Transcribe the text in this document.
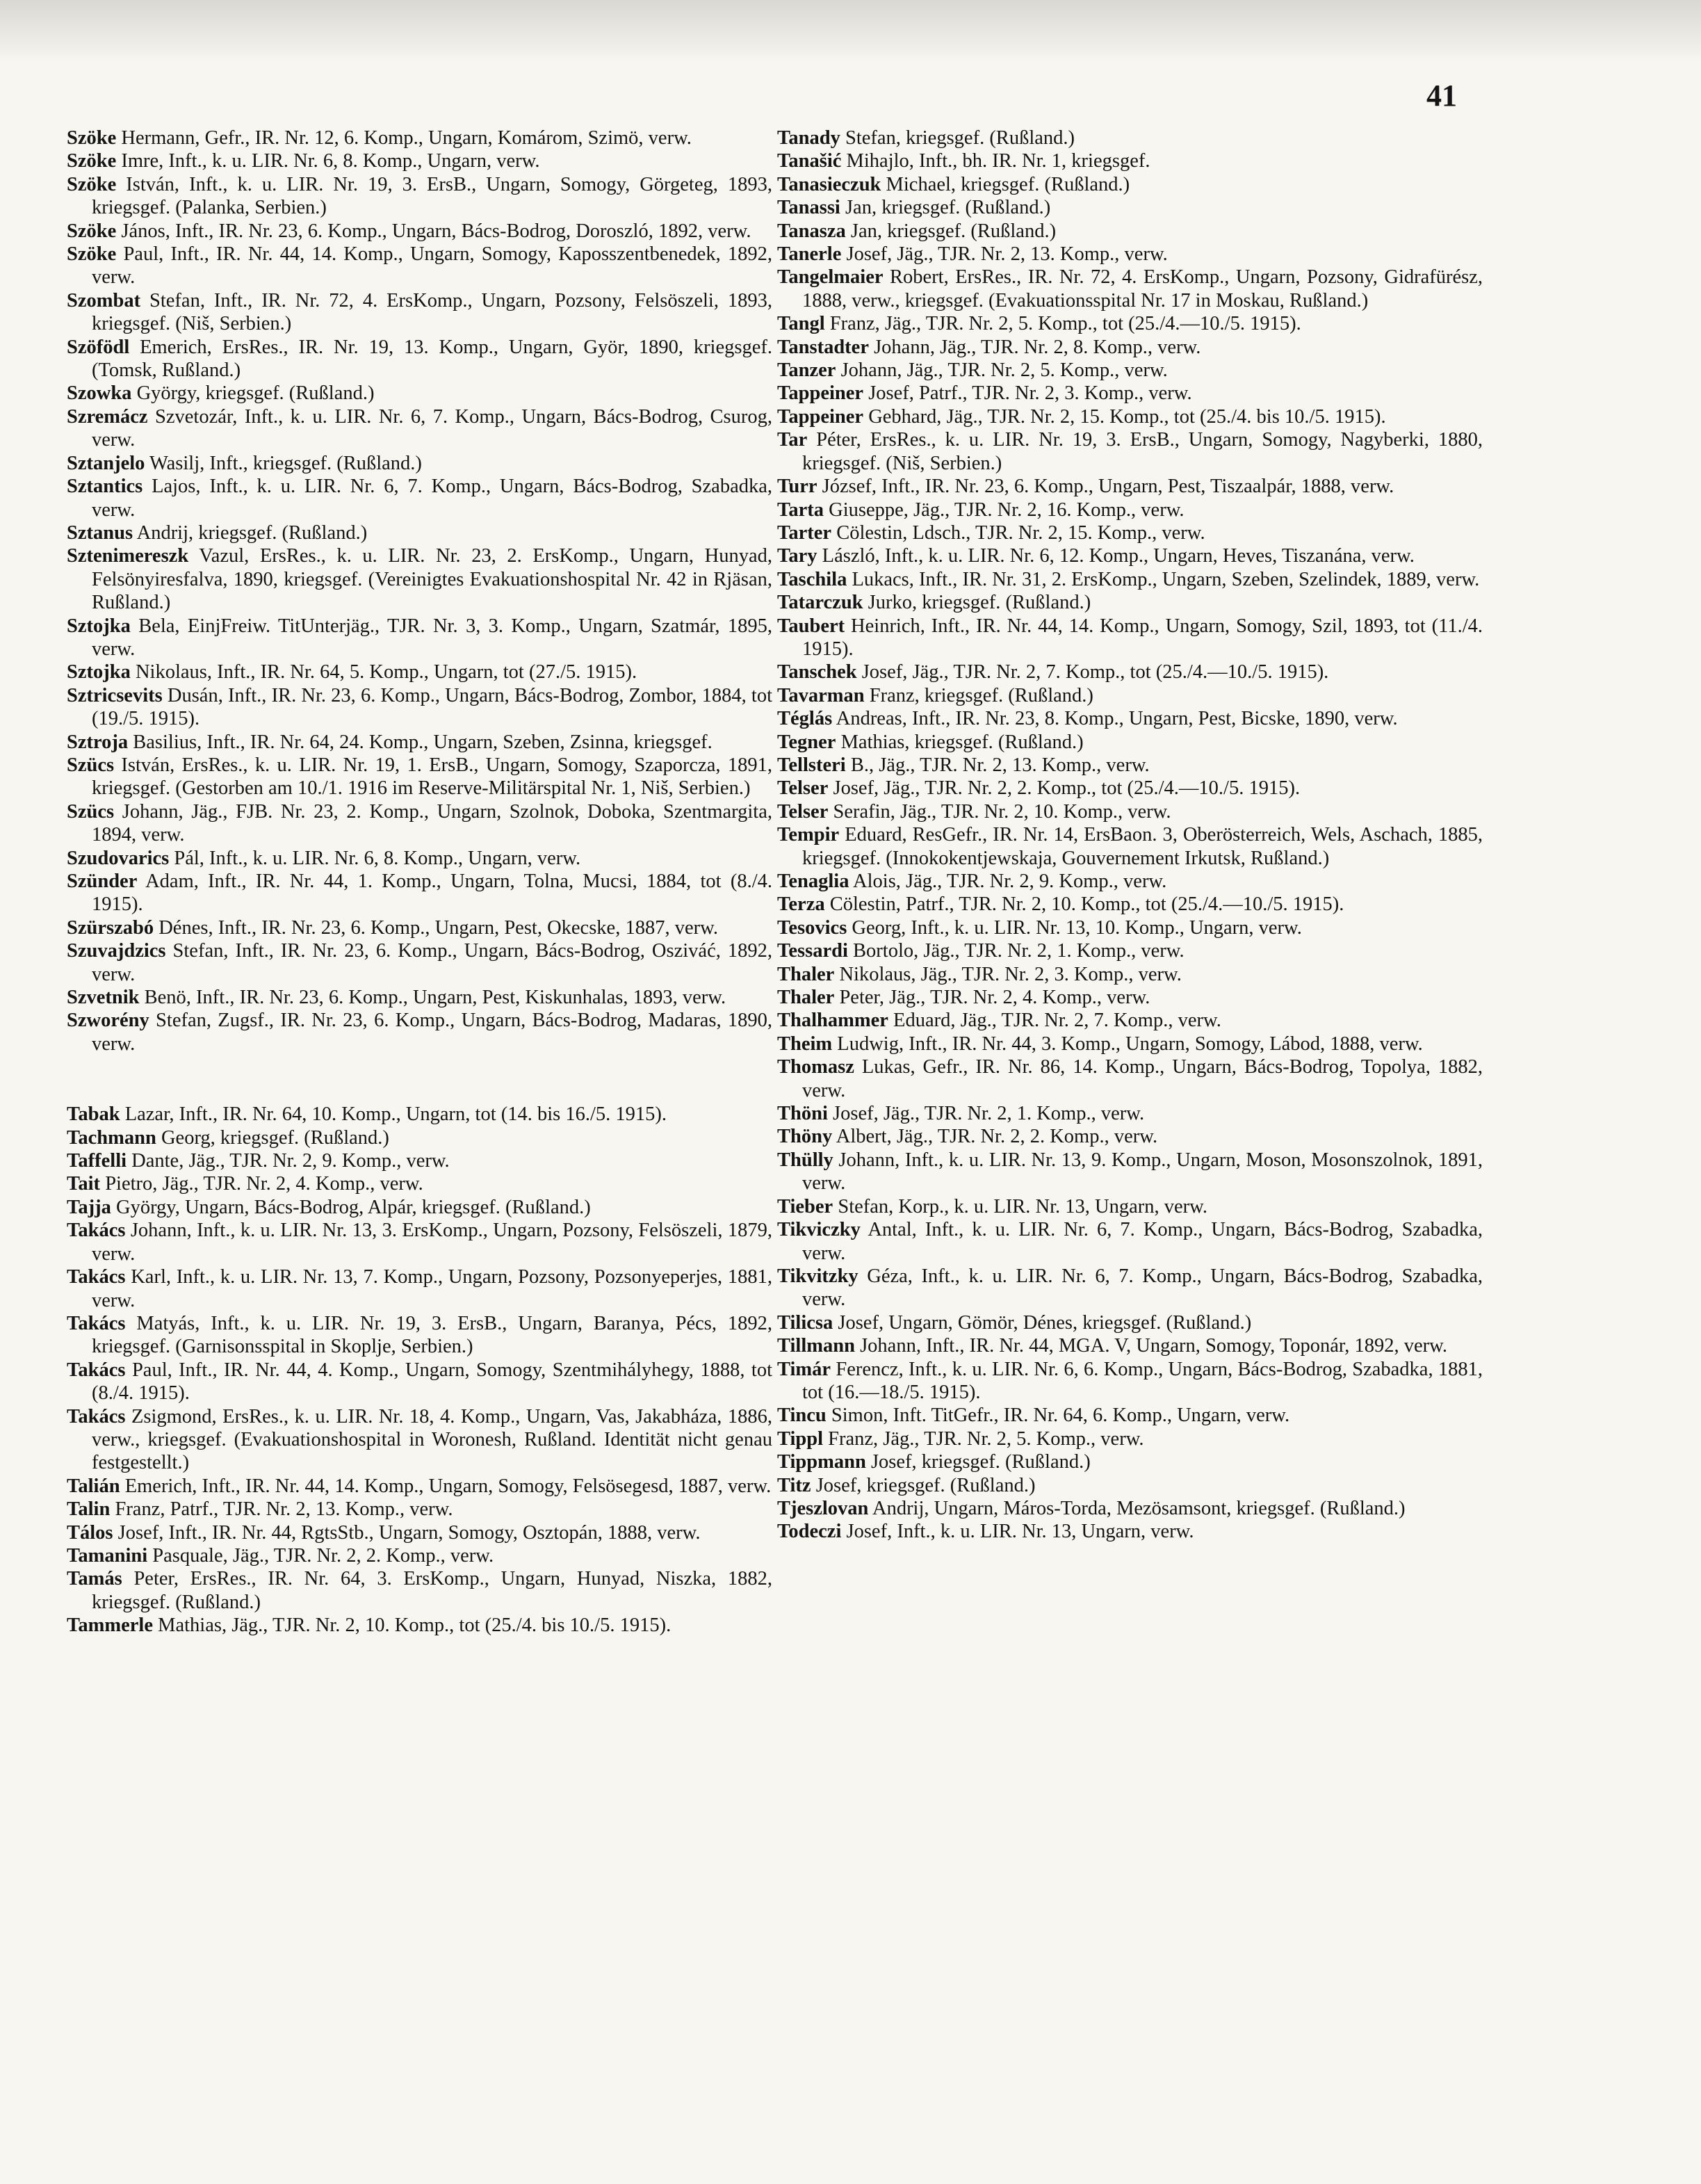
41

Szöke Hermann, Gefr., IR. Nr. 12, 6. Komp., Ungarn, Komárom, Szimö, verw.

Szöke Imre, Inft., k. u. LIR. Nr. 6, 8. Komp., Ungarn, verw.

Szöke István, Inft., k. u. LIR. Nr. 19, 3. ErsB., Ungarn, Somogy, Görgeteg, 1893, kriegsgef. (Palanka, Serbien.)

Szöke János, Inft., IR. Nr. 23, 6. Komp., Ungarn, Bács-Bodrog, Doroszló, 1892, verw.

Szöke Paul, Inft., IR. Nr. 44, 14. Komp., Ungarn, Somogy, Kaposszentbenedek, 1892, verw.

Szombat Stefan, Inft., IR. Nr. 72, 4. ErsKomp., Ungarn, Pozsony, Felsöszeli, 1893, kriegsgef. (Niš, Serbien.)

Szöfödl Emerich, ErsRes., IR. Nr. 19, 13. Komp., Ungarn, Györ, 1890, kriegsgef. (Tomsk, Rußland.)

Szowka György, kriegsgef. (Rußland.)

Szremácz Szvetozár, Inft., k. u. LIR. Nr. 6, 7. Komp., Ungarn, Bács-Bodrog, Csurog, verw.

Sztanjelo Wasilj, Inft., kriegsgef. (Rußland.)

Sztantics Lajos, Inft., k. u. LIR. Nr. 6, 7. Komp., Ungarn, Bács-Bodrog, Szabadka, verw.

Sztanus Andrij, kriegsgef. (Rußland.)

Sztenimereszk Vazul, ErsRes., k. u. LIR. Nr. 23, 2. ErsKomp., Ungarn, Hunyad, Felsönyiresfalva, 1890, kriegsgef. (Vereinigtes Evakuationshospital Nr. 42 in Rjäsan, Rußland.)

Sztojka Bela, EinjFreiw. TitUnterjäg., TJR. Nr. 3, 3. Komp., Ungarn, Szatmár, 1895, verw.

Sztojka Nikolaus, Inft., IR. Nr. 64, 5. Komp., Ungarn, tot (27./5. 1915).

Sztricsevits Dusán, Inft., IR. Nr. 23, 6. Komp., Ungarn, Bács-Bodrog, Zombor, 1884, tot (19./5. 1915).

Sztroja Basilius, Inft., IR. Nr. 64, 24. Komp., Ungarn, Szeben, Zsinna, kriegsgef.

Szücs István, ErsRes., k. u. LIR. Nr. 19, 1. ErsB., Ungarn, Somogy, Szaporcza, 1891, kriegsgef. (Gestorben am 10./1. 1916 im Reserve-Militärspital Nr. 1, Niš, Serbien.)

Szücs Johann, Jäg., FJB. Nr. 23, 2. Komp., Ungarn, Szolnok, Doboka, Szentmargita, 1894, verw.

Szudovarics Pál, Inft., k. u. LIR. Nr. 6, 8. Komp., Ungarn, verw.

Szünder Adam, Inft., IR. Nr. 44, 1. Komp., Ungarn, Tolna, Mucsi, 1884, tot (8./4. 1915).

Szürszabó Dénes, Inft., IR. Nr. 23, 6. Komp., Ungarn, Pest, Okecske, 1887, verw.

Szuvajdzics Stefan, Inft., IR. Nr. 23, 6. Komp., Ungarn, Bács-Bodrog, Osziváć, 1892, verw.

Szvetnik Benö, Inft., IR. Nr. 23, 6. Komp., Ungarn, Pest, Kiskunhalas, 1893, verw.

Szworény Stefan, Zugsf., IR. Nr. 23, 6. Komp., Ungarn, Bács-Bodrog, Madaras, 1890, verw.

Tabak Lazar, Inft., IR. Nr. 64, 10. Komp., Ungarn, tot (14. bis 16./5. 1915).

Tachmann Georg, kriegsgef. (Rußland.)

Taffelli Dante, Jäg., TJR. Nr. 2, 9. Komp., verw.

Tait Pietro, Jäg., TJR. Nr. 2, 4. Komp., verw.

Tajja György, Ungarn, Bács-Bodrog, Alpár, kriegsgef. (Rußland.)

Takács Johann, Inft., k. u. LIR. Nr. 13, 3. ErsKomp., Ungarn, Pozsony, Felsöszeli, 1879, verw.

Takács Karl, Inft., k. u. LIR. Nr. 13, 7. Komp., Ungarn, Pozsony, Pozsonyeperjes, 1881, verw.

Takács Matyás, Inft., k. u. LIR. Nr. 19, 3. ErsB., Ungarn, Baranya, Pécs, 1892, kriegsgef. (Garnisonsspital in Skoplje, Serbien.)

Takács Paul, Inft., IR. Nr. 44, 4. Komp., Ungarn, Somogy, Szentmihályhegy, 1888, tot (8./4. 1915).

Takács Zsigmond, ErsRes., k. u. LIR. Nr. 18, 4. Komp., Ungarn, Vas, Jakabháza, 1886, verw., kriegsgef. (Evakuationshospital in Woronesh, Rußland. Identität nicht genau festgestellt.)

Talián Emerich, Inft., IR. Nr. 44, 14. Komp., Ungarn, Somogy, Felsösegesd, 1887, verw.

Talin Franz, Patrf., TJR. Nr. 2, 13. Komp., verw.

Tálos Josef, Inft., IR. Nr. 44, RgtsStb., Ungarn, Somogy, Osztopán, 1888, verw.

Tamanini Pasquale, Jäg., TJR. Nr. 2, 2. Komp., verw.

Tamás Peter, ErsRes., IR. Nr. 64, 3. ErsKomp., Ungarn, Hunyad, Niszka, 1882, kriegsgef. (Rußland.)

Tammerle Mathias, Jäg., TJR. Nr. 2, 10. Komp., tot (25./4. bis 10./5. 1915).

Tanady Stefan, kriegsgef. (Rußland.)

Tanašić Mihajlo, Inft., bh. IR. Nr. 1, kriegsgef.

Tanasieczuk Michael, kriegsgef. (Rußland.)

Tanassi Jan, kriegsgef. (Rußland.)

Tanasza Jan, kriegsgef. (Rußland.)

Tanerle Josef, Jäg., TJR. Nr. 2, 13. Komp., verw.

Tangelmaier Robert, ErsRes., IR. Nr. 72, 4. ErsKomp., Ungarn, Pozsony, Gidrafürész, 1888, verw., kriegsgef. (Evakuationsspital Nr. 17 in Moskau, Rußland.)

Tangl Franz, Jäg., TJR. Nr. 2, 5. Komp., tot (25./4.—10./5. 1915).

Tanstadter Johann, Jäg., TJR. Nr. 2, 8. Komp., verw.

Tanzer Johann, Jäg., TJR. Nr. 2, 5. Komp., verw.

Tappeiner Josef, Patrf., TJR. Nr. 2, 3. Komp., verw.

Tappeiner Gebhard, Jäg., TJR. Nr. 2, 15. Komp., tot (25./4. bis 10./5. 1915).

Tar Péter, ErsRes., k. u. LIR. Nr. 19, 3. ErsB., Ungarn, Somogy, Nagyberki, 1880, kriegsgef. (Niš, Serbien.)

Turr József, Inft., IR. Nr. 23, 6. Komp., Ungarn, Pest, Tiszaalpár, 1888, verw.

Tarta Giuseppe, Jäg., TJR. Nr. 2, 16. Komp., verw.

Tarter Cölestin, Ldsch., TJR. Nr. 2, 15. Komp., verw.

Tary László, Inft., k. u. LIR. Nr. 6, 12. Komp., Ungarn, Heves, Tiszanána, verw.

Taschila Lukacs, Inft., IR. Nr. 31, 2. ErsKomp., Ungarn, Szeben, Szelindek, 1889, verw.

Tatarczuk Jurko, kriegsgef. (Rußland.)

Taubert Heinrich, Inft., IR. Nr. 44, 14. Komp., Ungarn, Somogy, Szil, 1893, tot (11./4. 1915).

Tanschek Josef, Jäg., TJR. Nr. 2, 7. Komp., tot (25./4.—10./5. 1915).

Tavarman Franz, kriegsgef. (Rußland.)

Téglás Andreas, Inft., IR. Nr. 23, 8. Komp., Ungarn, Pest, Bicske, 1890, verw.

Tegner Mathias, kriegsgef. (Rußland.)

Tellsteri B., Jäg., TJR. Nr. 2, 13. Komp., verw.

Telser Josef, Jäg., TJR. Nr. 2, 2. Komp., tot (25./4.—10./5. 1915).

Telser Serafin, Jäg., TJR. Nr. 2, 10. Komp., verw.

Tempir Eduard, ResGefr., IR. Nr. 14, ErsBaon. 3, Oberösterreich, Wels, Aschach, 1885, kriegsgef. (Innokokentjewskaja, Gouvernement Irkutsk, Rußland.)

Tenaglia Alois, Jäg., TJR. Nr. 2, 9. Komp., verw.

Terza Cölestin, Patrf., TJR. Nr. 2, 10. Komp., tot (25./4.—10./5. 1915).

Tesovics Georg, Inft., k. u. LIR. Nr. 13, 10. Komp., Ungarn, verw.

Tessardi Bortolo, Jäg., TJR. Nr. 2, 1. Komp., verw.

Thaler Nikolaus, Jäg., TJR. Nr. 2, 3. Komp., verw.

Thaler Peter, Jäg., TJR. Nr. 2, 4. Komp., verw.

Thalhammer Eduard, Jäg., TJR. Nr. 2, 7. Komp., verw.

Theim Ludwig, Inft., IR. Nr. 44, 3. Komp., Ungarn, Somogy, Lábod, 1888, verw.

Thomasz Lukas, Gefr., IR. Nr. 86, 14. Komp., Ungarn, Bács-Bodrog, Topolya, 1882, verw.

Thöni Josef, Jäg., TJR. Nr. 2, 1. Komp., verw.

Thöny Albert, Jäg., TJR. Nr. 2, 2. Komp., verw.

Thülly Johann, Inft., k. u. LIR. Nr. 13, 9. Komp., Ungarn, Moson, Mosonszolnok, 1891, verw.

Tieber Stefan, Korp., k. u. LIR. Nr. 13, Ungarn, verw.

Tikviczky Antal, Inft., k. u. LIR. Nr. 6, 7. Komp., Ungarn, Bács-Bodrog, Szabadka, verw.

Tikvitzky Géza, Inft., k. u. LIR. Nr. 6, 7. Komp., Ungarn, Bács-Bodrog, Szabadka, verw.

Tilicsa Josef, Ungarn, Gömör, Dénes, kriegsgef. (Rußland.)

Tillmann Johann, Inft., IR. Nr. 44, MGA. V, Ungarn, Somogy, Toponár, 1892, verw.

Timár Ferencz, Inft., k. u. LIR. Nr. 6, 6. Komp., Ungarn, Bács-Bodrog, Szabadka, 1881, tot (16.—18./5. 1915).

Tincu Simon, Inft. TitGefr., IR. Nr. 64, 6. Komp., Ungarn, verw.

Tippl Franz, Jäg., TJR. Nr. 2, 5. Komp., verw.

Tippmann Josef, kriegsgef. (Rußland.)

Titz Josef, kriegsgef. (Rußland.)

Tjeszlovan Andrij, Ungarn, Máros-Torda, Mezösamsont, kriegsgef. (Rußland.)

Todeczi Josef, Inft., k. u. LIR. Nr. 13, Ungarn, verw.
